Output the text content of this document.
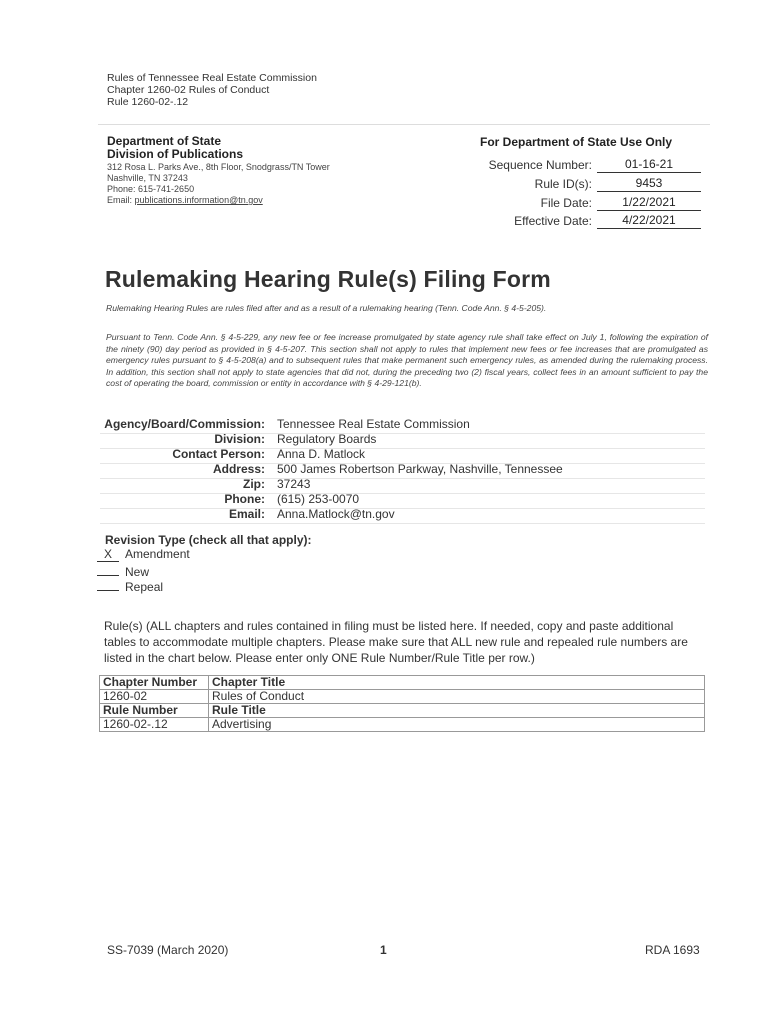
Rules of Tennessee Real Estate Commission
Chapter 1260-02 Rules of Conduct
Rule 1260-02-.12
Department of State
Division of Publications
312 Rosa L. Parks Ave., 8th Floor, Snodgrass/TN Tower
Nashville, TN 37243
Phone: 615-741-2650
Email: publications.information@tn.gov
For Department of State Use Only
Sequence Number:	01-16-21
Rule ID(s):	9453
File Date:	1/22/2021
Effective Date:	4/22/2021
Rulemaking Hearing Rule(s) Filing Form
Rulemaking Hearing Rules are rules filed after and as a result of a rulemaking hearing (Tenn. Code Ann. § 4-5-205).
Pursuant to Tenn. Code Ann. § 4-5-229, any new fee or fee increase promulgated by state agency rule shall take effect on July 1, following the expiration of the ninety (90) day period as provided in § 4-5-207. This section shall not apply to rules that implement new fees or fee increases that are promulgated as emergency rules pursuant to § 4-5-208(a) and to subsequent rules that make permanent such emergency rules, as amended during the rulemaking process. In addition, this section shall not apply to state agencies that did not, during the preceding two (2) fiscal years, collect fees in an amount sufficient to pay the cost of operating the board, commission or entity in accordance with § 4-29-121(b).
Agency/Board/Commission: Tennessee Real Estate Commission
Division: Regulatory Boards
Contact Person: Anna D. Matlock
Address: 500 James Robertson Parkway, Nashville, Tennessee
Zip: 37243
Phone: (615) 253-0070
Email: Anna.Matlock@tn.gov
Revision Type (check all that apply):
X Amendment
New
Repeal
Rule(s) (ALL chapters and rules contained in filing must be listed here. If needed, copy and paste additional tables to accommodate multiple chapters. Please make sure that ALL new rule and repealed rule numbers are listed in the chart below. Please enter only ONE Rule Number/Rule Title per row.)
Chapter Number	Chapter Title
1260-02	Rules of Conduct
Rule Number	Rule Title
1260-02-.12	Advertising
SS-7039 (March 2020)	1	RDA 1693
